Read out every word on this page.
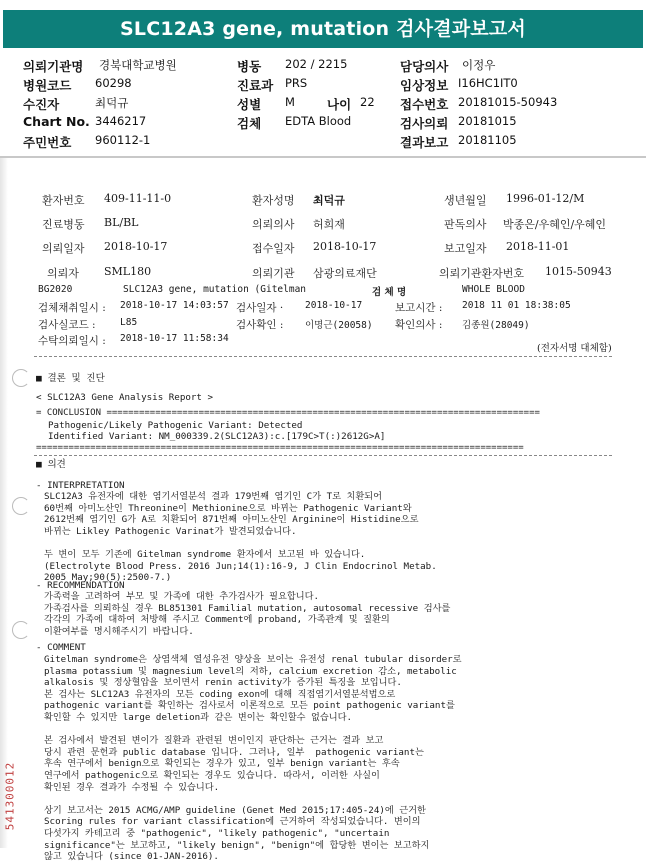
SLC12A3 gene, mutation 검사결과보고서
의뢰기관명 경북대학교병원	병동 202 / 2215	담당의사 이정우
병원코드 60298	진료과 PRS	임상정보 I16HC1IT0
수진자	최덕규	성별 M	나이 22 접수번호 20181015-50943
Chart No. 3446217	검체 EDTA Blood	검사의뢰 20181015
주민번호 960112-1	결과보고 20181105
환자번호 409-11-11-0	환자성명 최덕규	생년월일 1996-01-12/M
진료병동 BL/BL	의뢰의사 허희재	판독의사 박종은/우혜인/우혜인
의뢰일자 2018-10-17	접수일자 2018-10-17	보고일자 2018-11-01
의뢰자 SML180	의뢰기관 삼광의료재단	의뢰기관환자번호 1015-50943
BG2020	SLC12A3 gene, mutation (Gitelman	검 체 명	WHOLE BLOOD
검체채취일시 : 2018-10-17 14:03:57 검사일자 · 2018-10-17	보고시간 : 2018 11 01 18:38:05
검사실코드 :	L85	검사확인 : 이명근(20058) 확인의사 : 김종원(28049)
수탁의뢰일시 : 2018-10-17 11:58:34
(전자서명 대체함)
■ 결론 및 진단
< SLC12A3 Gene Analysis Report >
= CONCLUSION ================================================================================
Pathogenic/Likely Pathogenic Variant: Detected
Identified Variant: NM_000339.2(SLC12A3):c.[179C>T(:)2612G>A]
==========================================================================================
■ 의견
- INTERPRETATION
SLC12A3 유전자에 대한 염기서열분석 결과 179번째 염기인 C가 T로 치환되어
60번째 아미노산인 Threonine이 Methionine으로 바뀌는 Pathogenic Variant와
2612번째 염기인 G가 A로 치환되어 871번째 아미노산인 Arginine이 Histidine으로
바뀌는 Likley Pathogenic Varinat가 발견되었습니다.

두 변이 모두 기존에 Gitelman syndrome 환자에서 보고된 바 있습니다.
(Electrolyte Blood Press. 2016 Jun;14(1):16-9, J Clin Endocrinol Metab.
2005 May;90(5):2500-7.)
- RECOMMENDATION
가족력을 고려하여 부모 및 가족에 대한 추가검사가 필요합니다.
가족검사를 의뢰하실 경우 BL851301 Familial mutation, autosomal recessive 검사를
각각의 가족에 대하여 처방해 주시고 Comment에 proband, 가족관계 및 질환의
이환여부를 명시해주시기 바랍니다.
- COMMENT
Gitelman syndrome은 상염색체 열성유전 양상을 보이는 유전성 renal tubular disorder로
plasma potassium 및 magnesium level의 저하, calcium excretion 감소, metabolic
alkalosis 및 정상혈압을 보이면서 renin activity가 증가된 특징을 보입니다.
본 검사는 SLC12A3 유전자의 모든 coding exon에 대해 직접염기서열분석법으로
pathogenic variant를 확인하는 검사로서 이론적으로 모든 point pathogenic variant를
확인할 수 있지만 large deletion과 같은 변이는 확인할수 없습니다.

본 검사에서 발견된 변이가 질환과 관련된 변이인지 판단하는 근거는 결과 보고
당시 관련 문헌과 public database 입니다. 그러나, 일부  pathogenic variant는
후속 연구에서 benign으로 확인되는 경우가 있고, 일부 benign variant는 후속
연구에서 pathogenic으로 확인되는 경우도 있습니다. 따라서, 이러한 사실이
확인된 경우 결과가 수정될 수 있습니다.

상기 보고서는 2015 ACMG/AMP guideline (Genet Med 2015;17:405-24)에 근거한
Scoring rules for variant classification에 근거하여 작성되었습니다. 변이의
다섯가지 카테고리 중 "pathogenic", "likely pathogenic", "uncertain
significance"는 보고하고, "likely benign", "benign"에 합당한 변이는 보고하지
않고 있습니다 (since 01-JAN-2016).
541300012
